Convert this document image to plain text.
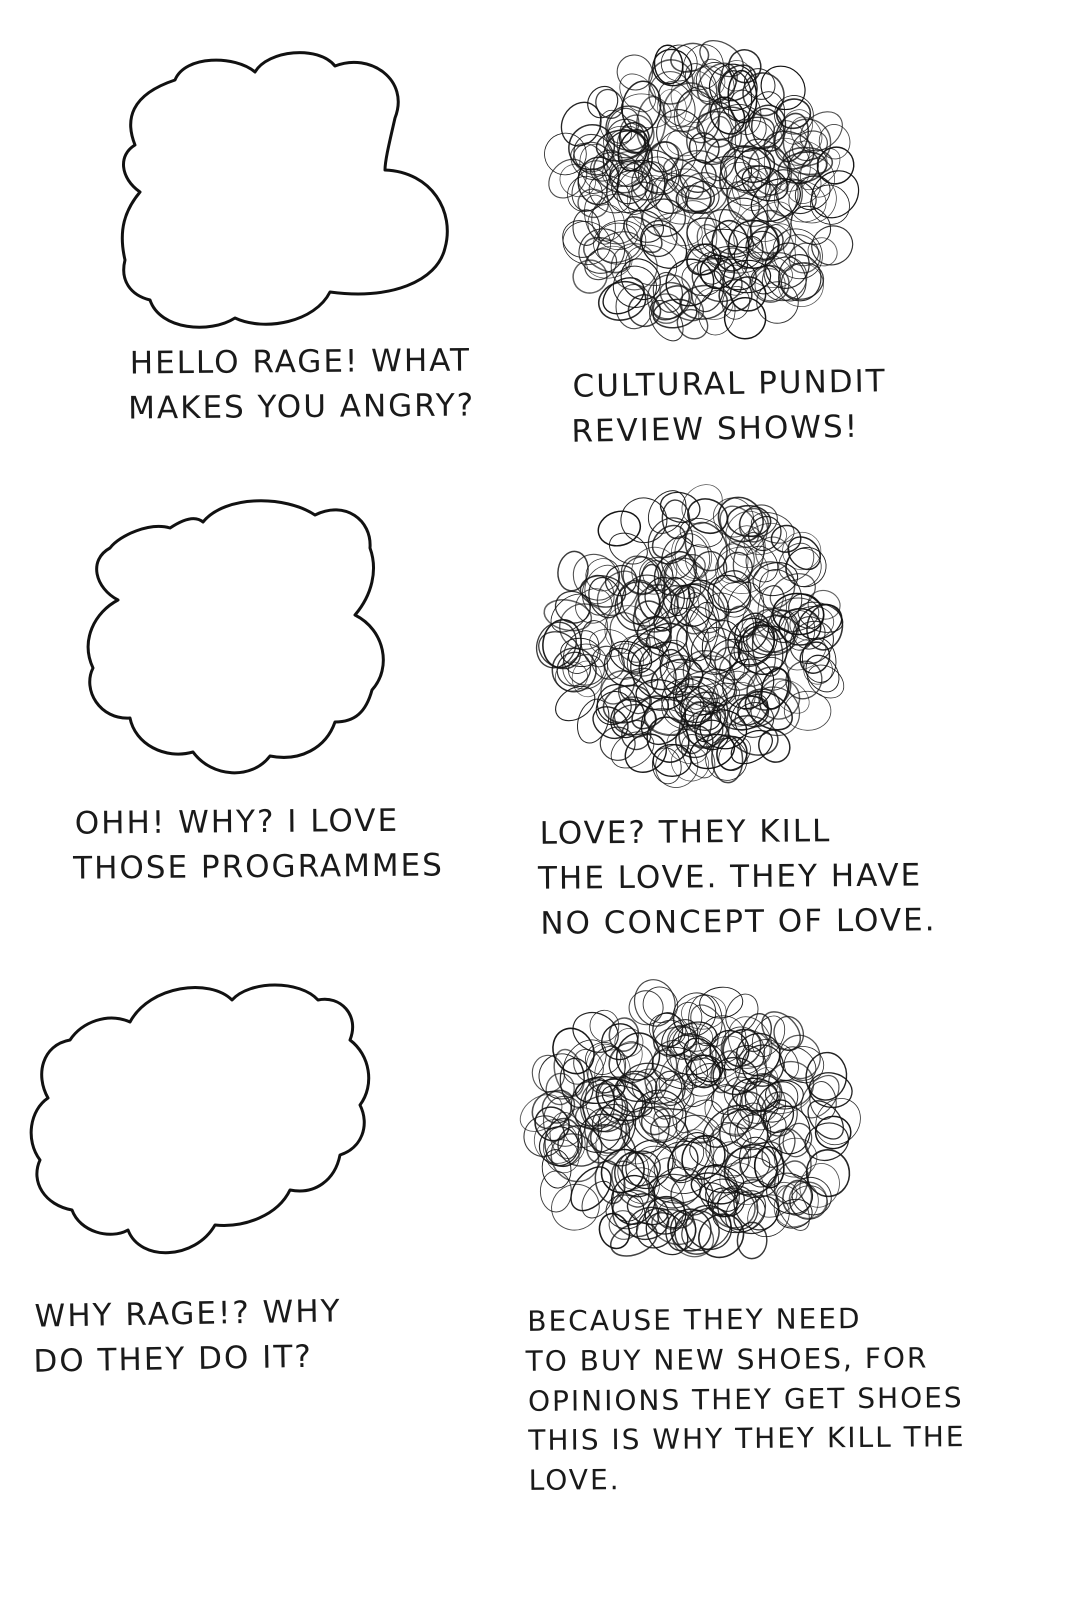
HELLO RAGE! WHAT
MAKES YOU ANGRY?
CULTURAL PUNDIT
REVIEW SHOWS!
OHH! WHY? I LOVE
THOSE PROGRAMMES
LOVE? THEY KILL
THE LOVE. THEY HAVE
NO CONCEPT OF LOVE.
WHY RAGE!? WHY
DO THEY DO IT?
BECAUSE THEY NEED
TO BUY NEW SHOES, FOR
OPINIONS THEY GET SHOES
THIS IS WHY THEY KILL THE
LOVE.
